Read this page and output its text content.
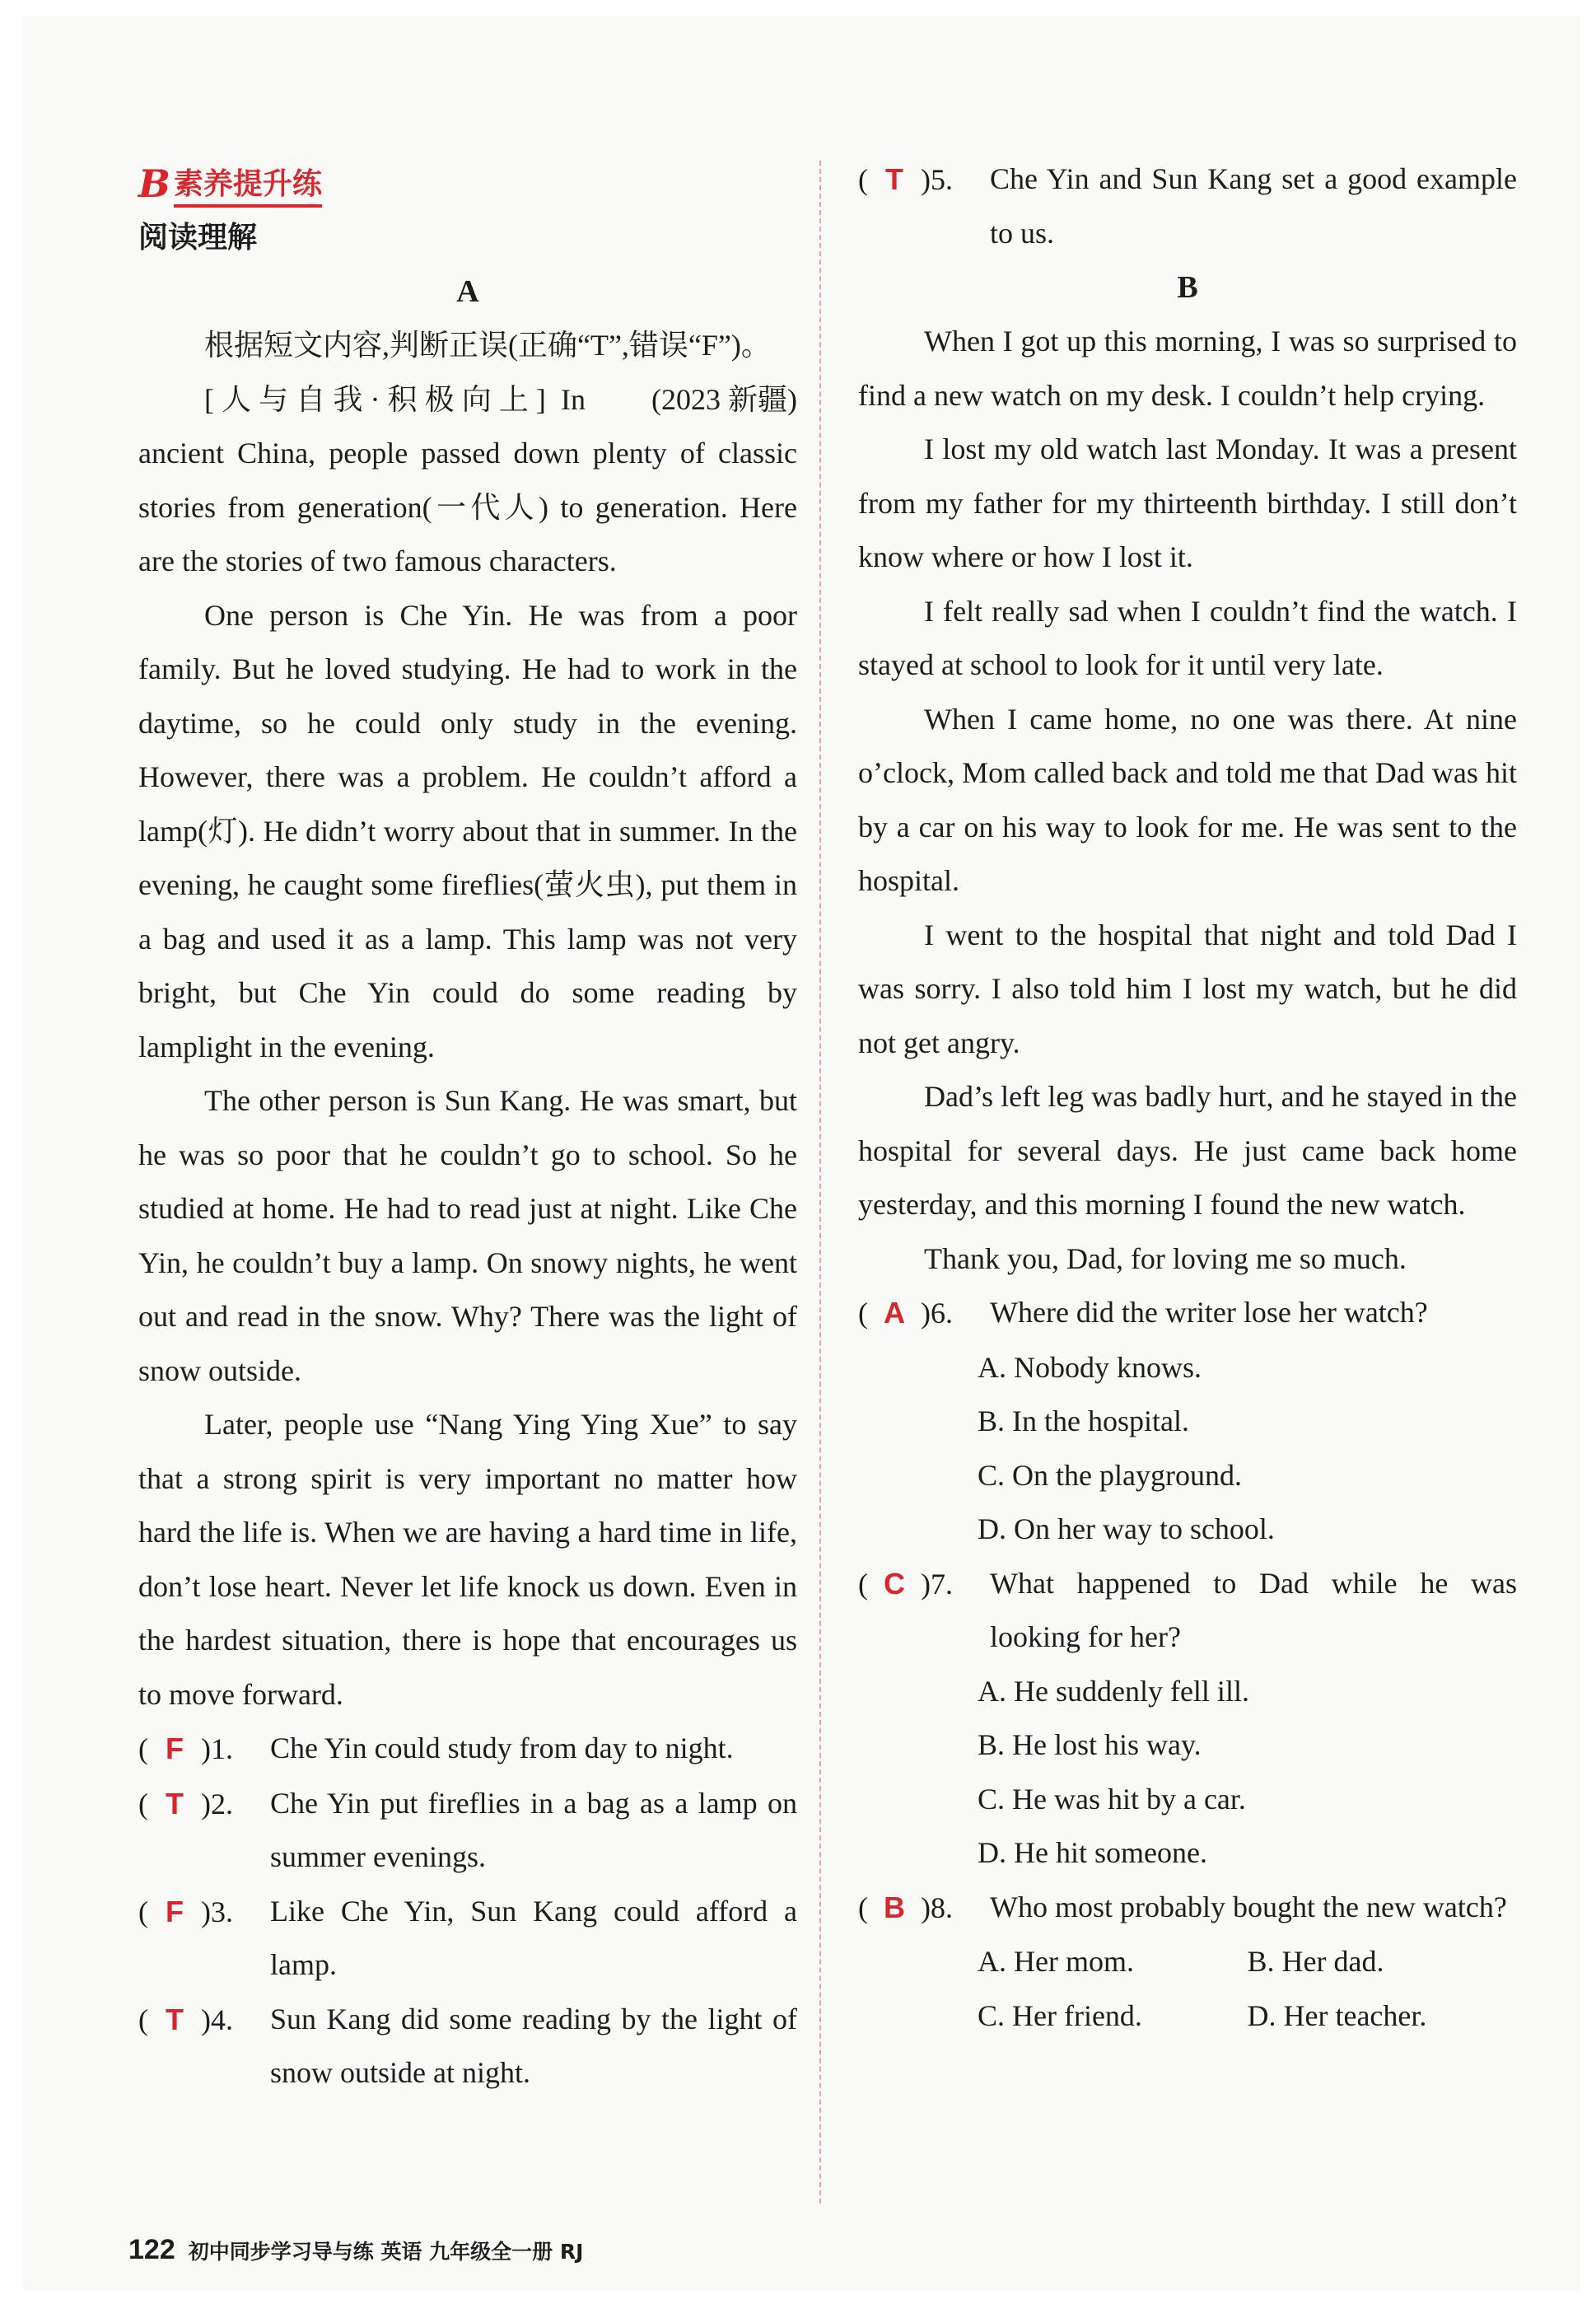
B 素养提升练

阅读理解

A

根据短文内容,判断正误(正确“T”,错误“F”)。
(2023 新疆)

[人与自我·积极向上] In ancient China, people passed down plenty of classic stories from generation(一代人) to generation. Here are the stories of two famous characters.

One person is Che Yin. He was from a poor family. But he loved studying. He had to work in the daytime, so he could only study in the evening. However, there was a problem. He couldn’t afford a lamp(灯). He didn’t worry about that in summer. In the evening, he caught some fireflies(萤火虫), put them in a bag and used it as a lamp. This lamp was not very bright, but Che Yin could do some reading by lamplight in the evening.

The other person is Sun Kang. He was smart, but he was so poor that he couldn’t go to school. So he studied at home. He had to read just at night. Like Che Yin, he couldn’t buy a lamp. On snowy nights, he went out and read in the snow. Why? There was the light of snow outside.

Later, people use “Nang Ying Ying Xue” to say that a strong spirit is very important no matter how hard the life is. When we are having a hard time in life, don’t lose heart. Never let life knock us down. Even in the hardest situation, there is hope that encourages us to move forward.

( F )1.	Che Yin could study from day to night.
( T )2.	Che Yin put fireflies in a bag as a lamp on summer evenings.
( F )3.	Like Che Yin, Sun Kang could afford a lamp.
( T )4.	Sun Kang did some reading by the light of snow outside at night.
( T )5.	Che Yin and Sun Kang set a good example to us.

B

When I got up this morning, I was so surprised to find a new watch on my desk. I couldn’t help crying.

I lost my old watch last Monday. It was a present from my father for my thirteenth birthday. I still don’t know where or how I lost it.

I felt really sad when I couldn’t find the watch. I stayed at school to look for it until very late.

When I came home, no one was there. At nine o’clock, Mom called back and told me that Dad was hit by a car on his way to look for me. He was sent to the hospital.

I went to the hospital that night and told Dad I was sorry. I also told him I lost my watch, but he did not get angry.

Dad’s left leg was badly hurt, and he stayed in the hospital for several days. He just came back home yesterday, and this morning I found the new watch.

Thank you, Dad, for loving me so much.

( A )6.	Where did the writer lose her watch?
A. Nobody knows.
B. In the hospital.
C. On the playground.
D. On her way to school.
( C )7.	What happened to Dad while he was looking for her?
A. He suddenly fell ill.
B. He lost his way.
C. He was hit by a car.
D. He hit someone.
( B )8.	Who most probably bought the new watch?
A. Her mom.	B. Her dad.
C. Her friend.	D. Her teacher.
122 初中同步学习导与练 英语 九年级全一册 RJ
